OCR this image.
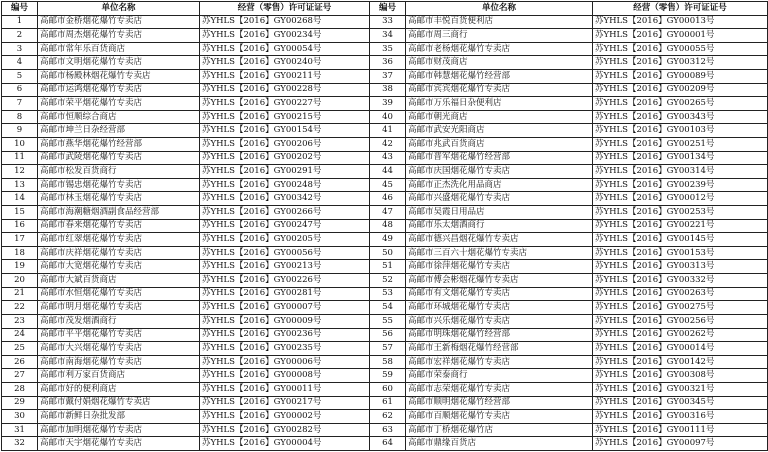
编号	单位名称	经营（零售）许可证证号	编号	单位名称	经营（零售）许可证证号
1	高邮市金桥烟花爆竹专卖店	苏YHLS【2016】GY00268号	33	高邮市丰悦百货便利店	苏YHLS【2016】GY00013号
2	高邮市周杰烟花爆竹专卖店	苏YHLS【2016】GY00234号	34	高邮市周三商行	苏YHLS【2016】GY00001号
3	高邮市常年乐百货商店	苏YHLS【2016】GY00054号	35	高邮市老杨烟花爆竹专卖店	苏YHLS【2016】GY00055号
4	高邮市文明烟花爆竹专卖店	苏YHLS【2016】GY00240号	36	高邮市财茂商店	苏YHLS【2016】GY00312号
5	高邮市杨殿林烟花爆竹专卖店	苏YHLS【2016】GY00211号	37	高邮市韩慧烟花爆竹经营部	苏YHLS【2016】GY00089号
6	高邮市运鸿烟花爆竹专卖店	苏YHLS【2016】GY00228号	38	高邮市宾宾烟花爆竹专卖店	苏YHLS【2016】GY00209号
7	高邮市荣平烟花爆竹专卖店	苏YHLS【2016】GY00227号	39	高邮市万乐福日杂便利店	苏YHLS【2016】GY00265号
8	高邮市恒顺综合商店	苏YHLS【2016】GY00215号	40	高邮市朝光商店	苏YHLS【2016】GY00343号
9	高邮市坤兰日杂经营部	苏YHLS【2016】GY00154号	41	高邮市武安光阳商店	苏YHLS【2016】GY00103号
10	高邮市燕华烟花爆竹经营部	苏YHLS【2016】GY00206号	42	高邮市兆武百货商店	苏YHLS【2016】GY00251号
11	高邮市武陵烟花爆竹专卖店	苏YHLS【2016】GY00202号	43	高邮市晋军烟花爆竹经营部	苏YHLS【2016】GY00134号
12	高邮市松发百货商行	苏YHLS【2016】GY00291号	44	高邮市庆国烟花爆竹专卖店	苏YHLS【2016】GY00314号
13	高邮市锡忠烟花爆竹专卖店	苏YHLS【2016】GY00248号	45	高邮市正杰洗化用品商店	苏YHLS【2016】GY00239号
14	高邮市林玉烟花爆竹专卖店	苏YHLS【2016】GY00342号	46	高邮市兴盛烟花爆竹专卖店	苏YHLS【2016】GY00012号
15	高邮市海潮糖烟酒副食品经营部	苏YHLS【2016】GY00266号	47	高邮市吴霞日用品店	苏YHLS【2016】GY00253号
16	高邮市春来烟花爆竹专卖店	苏YHLS【2016】GY00247号	48	高邮市乐太烟酒商行	苏YHLS【2016】GY00221号
17	高邮市红翠烟花爆竹专卖店	苏YHLS【2016】GY00205号	49	高邮市德兴昌烟花爆竹专卖店	苏YHLS【2016】GY00145号
18	高邮市庆祥烟花爆竹专卖店	苏YHLS【2016】GY00056号	50	高邮市三百六十烟花爆竹专卖店	苏YHLS【2016】GY00153号
19	高邮市大宽烟花爆竹专卖店	苏YHLS【2016】GY00213号	51	高邮市徐萍烟花爆竹专卖店	苏YHLS【2016】GY00313号
20	高邮市大斌百货商店	苏YHLS【2016】GY00226号	52	高邮市傅会彬烟花爆竹专卖店	苏YHLS【2016】GY00332号
21	高邮市水恒烟花爆竹专卖店	苏YHLS【2016】GY00281号	53	高邮市有文烟花爆竹专卖店	苏YHLS【2016】GY00263号
22	高邮市明月烟花爆竹专卖店	苏YHLS【2016】GY00007号	54	高邮市环城烟花爆竹专卖店	苏YHLS【2016】GY00275号
23	高邮市茂发烟酒商行	苏YHLS【2016】GY00009号	55	高邮市兴乐烟花爆竹专卖店	苏YHLS【2016】GY00256号
24	高邮市平平烟花爆竹专卖店	苏YHLS【2016】GY00236号	56	高邮市明珠烟花爆竹经营部	苏YHLS【2016】GY00262号
25	高邮市大兴烟花爆竹专卖店	苏YHLS【2016】GY00235号	57	高邮市王新梅烟花爆竹经营部	苏YHLS【2016】GY00014号
26	高邮市南海烟花爆竹专卖店	苏YHLS【2016】GY00006号	58	高邮市宏祥烟花爆竹专卖店	苏YHLS【2016】GY00142号
27	高邮市利万家百货商店	苏YHLS【2016】GY00008号	59	高邮市荣泰商行	苏YHLS【2016】GY00308号
28	高邮市好的便利商店	苏YHLS【2016】GY00011号	60	高邮市志荣烟花爆竹专卖店	苏YHLS【2016】GY00321号
29	高邮市戴付娟烟花爆竹专卖店	苏YHLS【2016】GY00217号	61	高邮市顺明烟花爆竹经营部	苏YHLS【2016】GY00345号
30	高邮市新鲜日杂批发部	苏YHLS【2016】GY00002号	62	高邮市百顺烟花爆竹专卖店	苏YHLS【2016】GY00316号
31	高邮市加明烟花爆竹专卖店	苏YHLS【2016】GY00282号	63	高邮市丁桥烟花爆竹店	苏YHLS【2016】GY00111号
32	高邮市天宇烟花爆竹专卖店	苏YHLS【2016】GY00004号	64	高邮市鼎缘百货店	苏YHLS【2016】GY00097号
